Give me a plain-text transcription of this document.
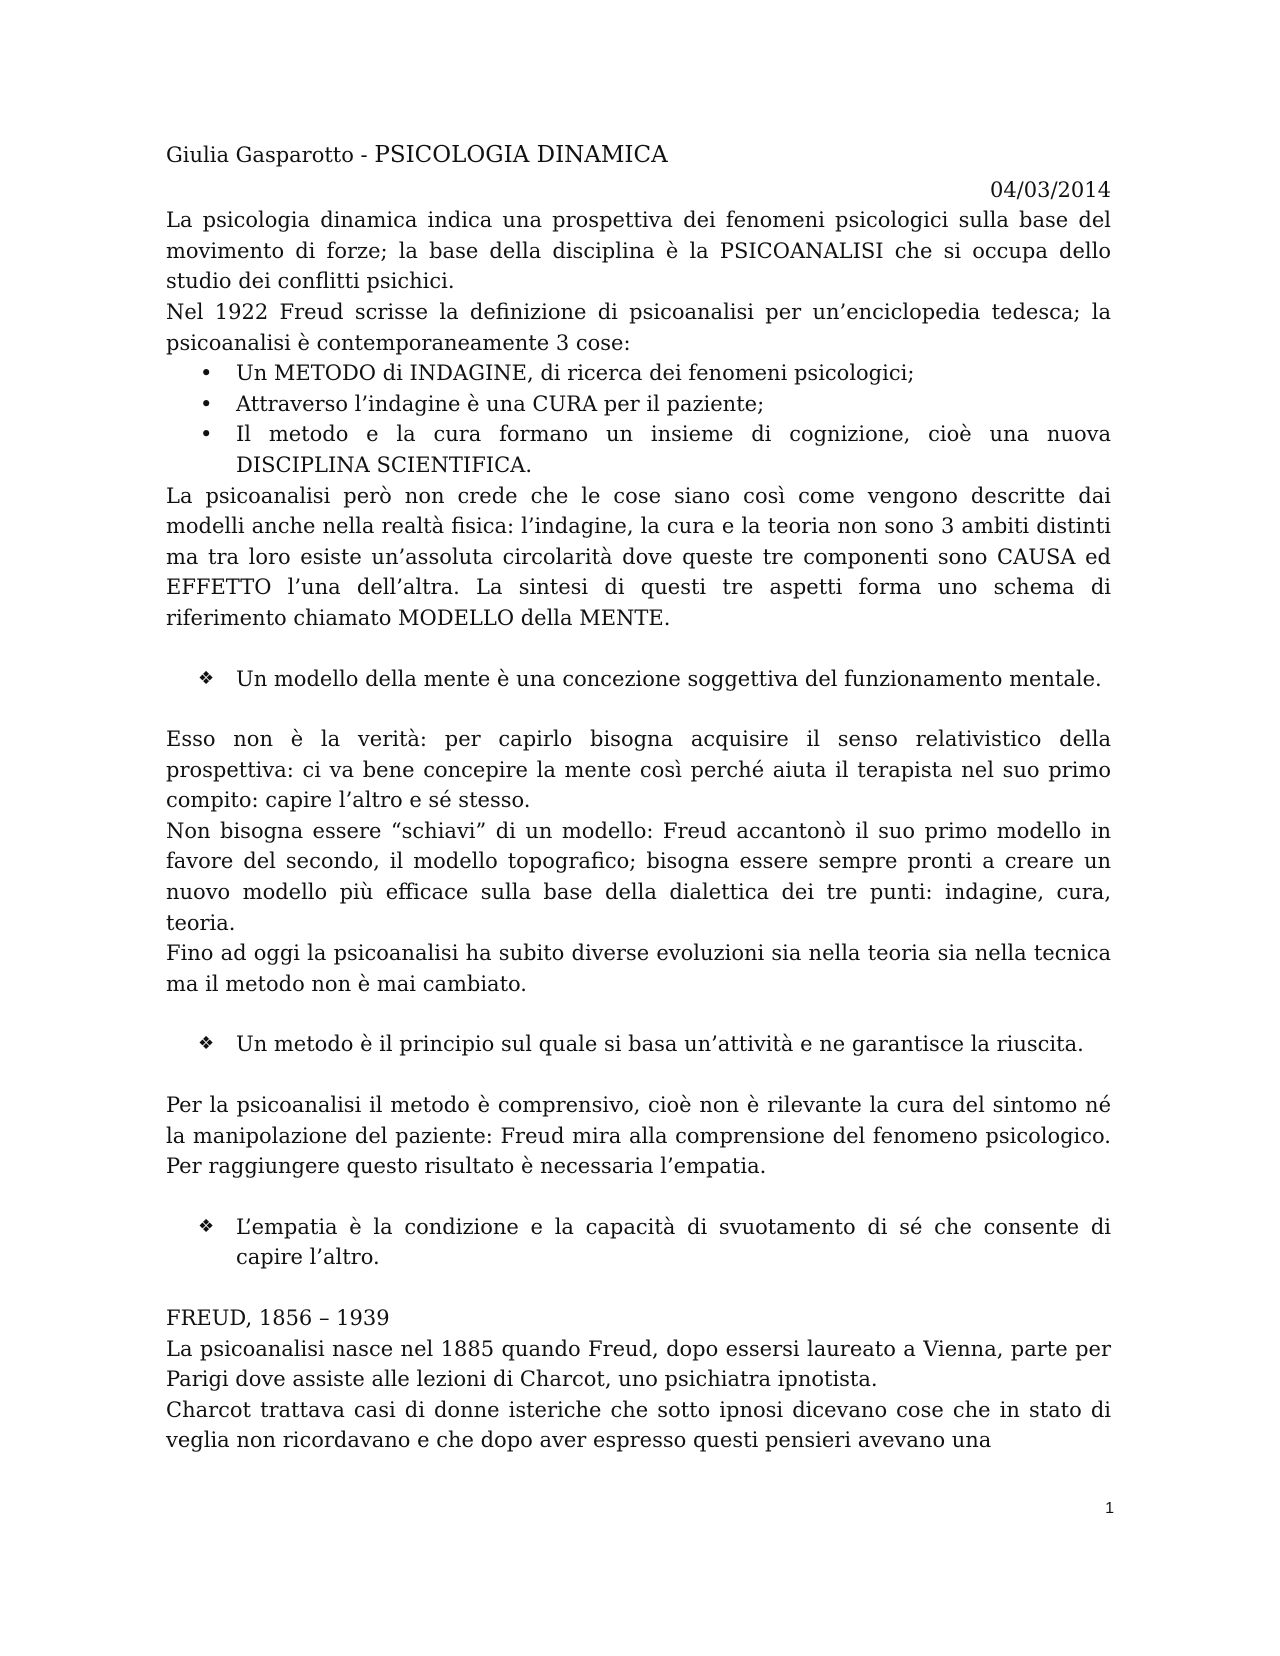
Giulia Gasparotto - PSICOLOGIA DINAMICA
04/03/2014

La psicologia dinamica indica una prospettiva dei fenomeni psicologici sulla base del movimento di forze; la base della disciplina è la PSICOANALISI che si occupa dello studio dei conflitti psichici.

Nel 1922 Freud scrisse la definizione di psicoanalisi per un’enciclopedia tedesca; la psicoanalisi è contemporaneamente 3 cose:

• Un METODO di INDAGINE, di ricerca dei fenomeni psicologici;
• Attraverso l’indagine è una CURA per il paziente;
• Il metodo e la cura formano un insieme di cognizione, cioè una nuova DISCIPLINA SCIENTIFICA.

La psicoanalisi però non crede che le cose siano così come vengono descritte dai modelli anche nella realtà fisica: l’indagine, la cura e la teoria non sono 3 ambiti distinti ma tra loro esiste un’assoluta circolarità dove queste tre componenti sono CAUSA ed EFFETTO l’una dell’altra. La sintesi di questi tre aspetti forma uno schema di riferimento chiamato MODELLO della MENTE.

❖ Un modello della mente è una concezione soggettiva del funzionamento mentale.

Esso non è la verità: per capirlo bisogna acquisire il senso relativistico della prospettiva: ci va bene concepire la mente così perché aiuta il terapista nel suo primo compito: capire l’altro e sé stesso.

Non bisogna essere “schiavi” di un modello: Freud accantonò il suo primo modello in favore del secondo, il modello topografico; bisogna essere sempre pronti a creare un nuovo modello più efficace sulla base della dialettica dei tre punti: indagine, cura, teoria.

Fino ad oggi la psicoanalisi ha subito diverse evoluzioni sia nella teoria sia nella tecnica ma il metodo non è mai cambiato.

❖ Un metodo è il principio sul quale si basa un’attività e ne garantisce la riuscita.

Per la psicoanalisi il metodo è comprensivo, cioè non è rilevante la cura del sintomo né la manipolazione del paziente: Freud mira alla comprensione del fenomeno psicologico. Per raggiungere questo risultato è necessaria l’empatia.

❖ L’empatia è la condizione e la capacità di svuotamento di sé che consente di capire l’altro.

FREUD, 1856 – 1939

La psicoanalisi nasce nel 1885 quando Freud, dopo essersi laureato a Vienna, parte per Parigi dove assiste alle lezioni di Charcot, uno psichiatra ipnotista.

Charcot trattava casi di donne isteriche che sotto ipnosi dicevano cose che in stato di veglia non ricordavano e che dopo aver espresso questi pensieri avevano una

1
